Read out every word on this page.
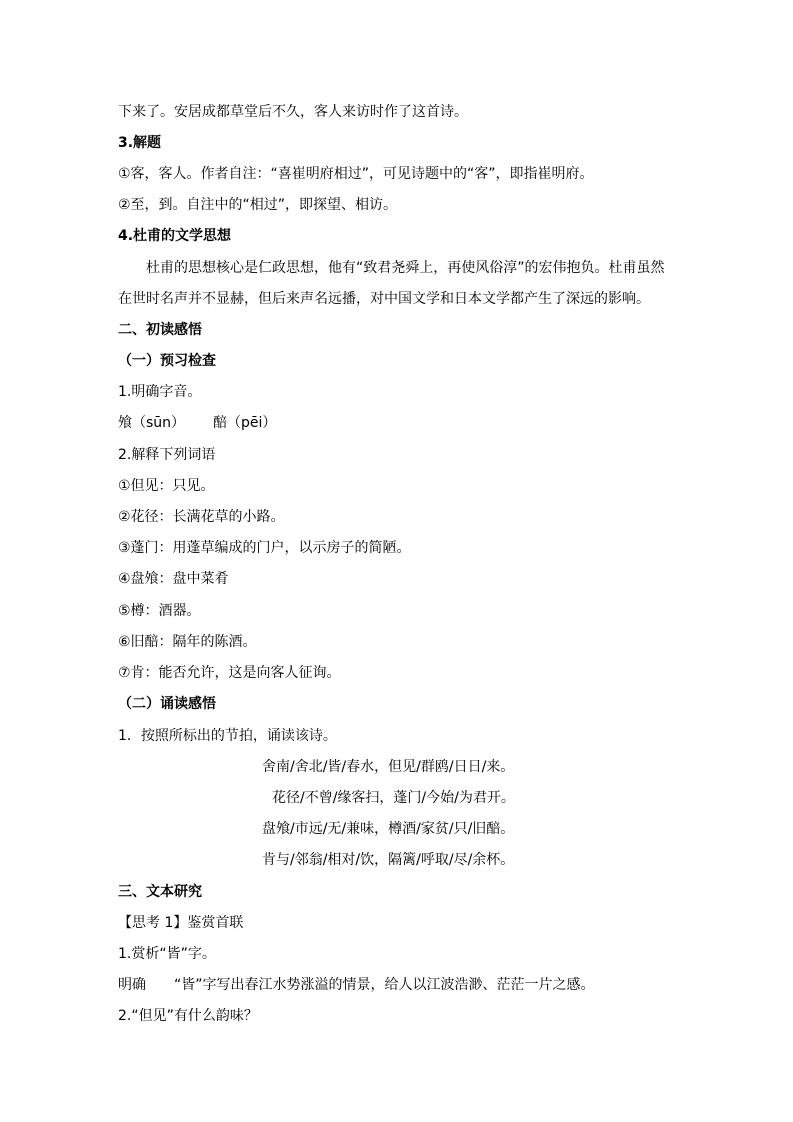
下来了。安居成都草堂后不久，客人来访时作了这首诗。
3.解题
①客，客人。作者自注：“喜崔明府相过”，可见诗题中的“客”，即指崔明府。
②至，到。自注中的“相过”，即探望、相访。
4.杜甫的文学思想
杜甫的思想核心是仁政思想，他有“致君尧舜上，再使风俗淳”的宏伟抱负。杜甫虽然
在世时名声并不显赫，但后来声名远播，对中国文学和日本文学都产生了深远的影响。
二、初读感悟
（一）预习检查
1.明确字音。
飧（sūn） 醅（pēi）
2.解释下列词语
①但见：只见。
②花径：长满花草的小路。
③蓬门：用蓬草编成的门户，以示房子的简陋。
④盘飧：盘中菜肴
⑤樽：酒器。
⑥旧醅：隔年的陈酒。
⑦肯：能否允许，这是向客人征询。
（二）诵读感悟
1．按照所标出的节拍，诵读该诗。
舍南/舍北/皆/春水，但见/群鸥/日日/来。
花径/不曾/缘客扫，蓬门/今始/为君开。
盘飧/市远/无/兼味，樽酒/家贫/只/旧醅。
肯与/邻翁/相对/饮，隔篱/呼取/尽/余杯。
三、文本研究
【思考 1】鉴赏首联
1.赏析“皆”字。
明确 “皆”字写出春江水势涨溢的情景，给人以江波浩渺、茫茫一片之感。
2.“但见”有什么韵味？
